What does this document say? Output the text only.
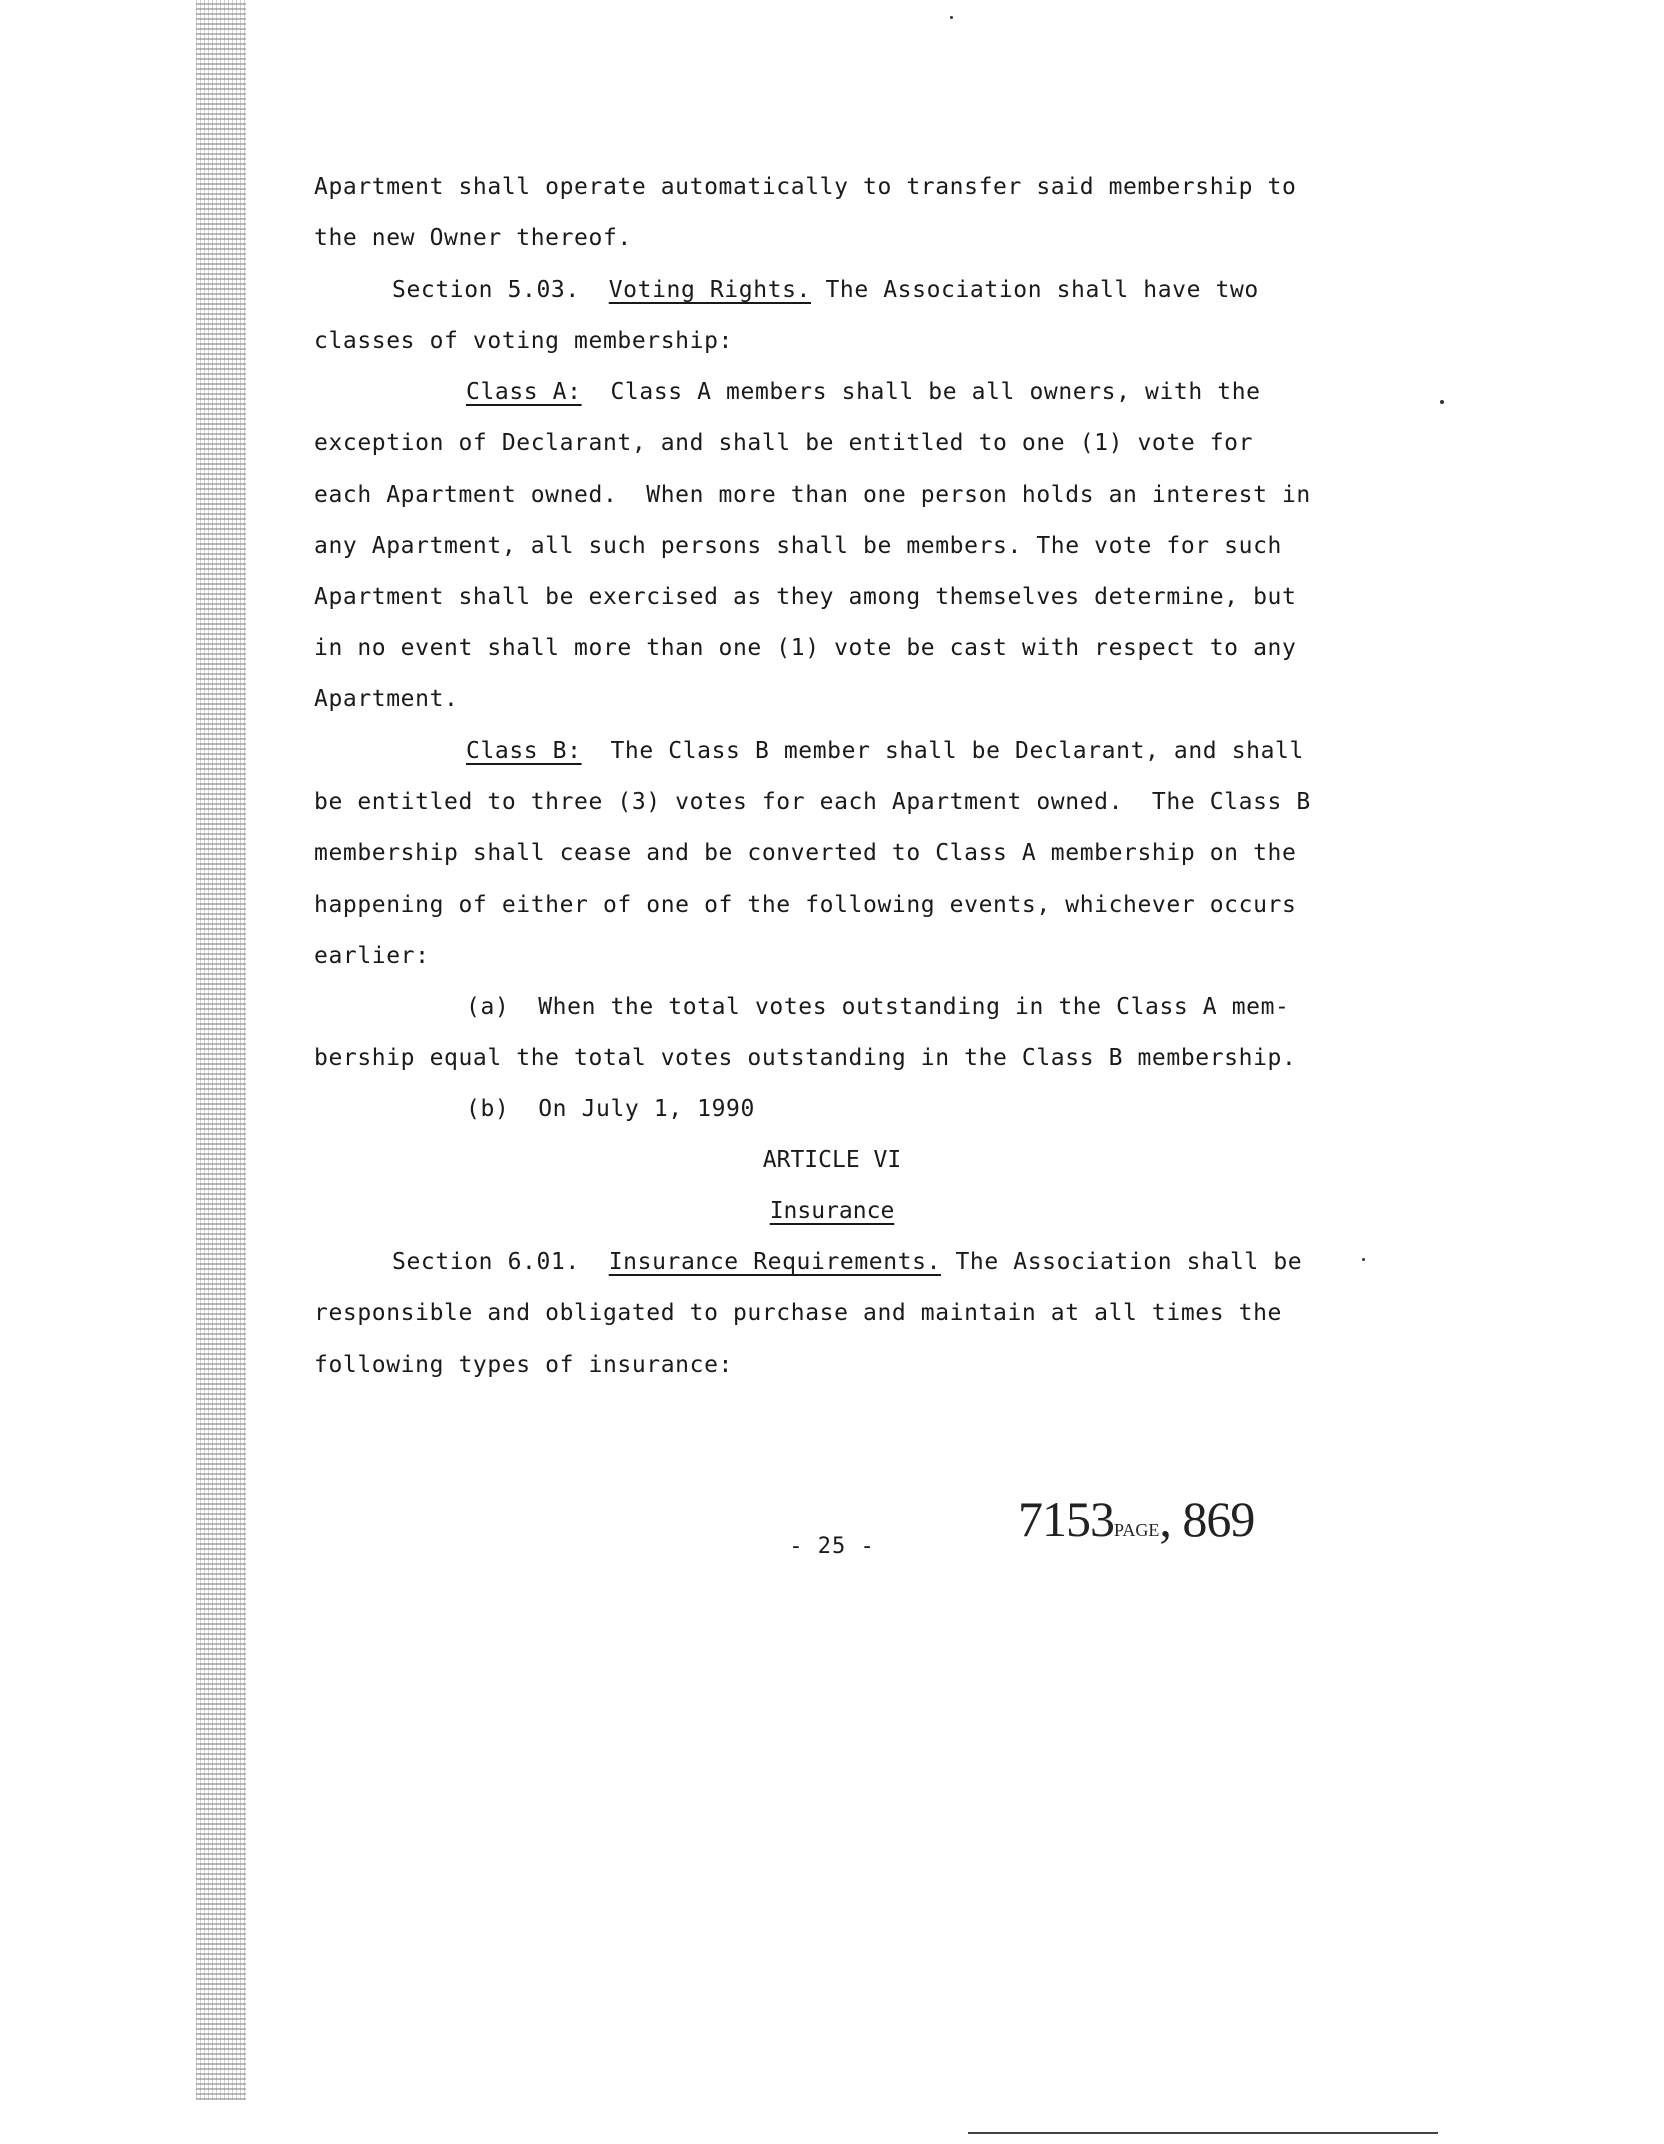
Apartment shall operate automatically to transfer said membership to
the new Owner thereof.
Section 5.03. Voting Rights. The Association shall have two
classes of voting membership:
Class A:  Class A members shall be all owners, with the
exception of Declarant, and shall be entitled to one (1) vote for
each Apartment owned.  When more than one person holds an interest in
any Apartment, all such persons shall be members. The vote for such
Apartment shall be exercised as they among themselves determine, but
in no event shall more than one (1) vote be cast with respect to any
Apartment.
Class B:  The Class B member shall be Declarant, and shall
be entitled to three (3) votes for each Apartment owned.  The Class B
membership shall cease and be converted to Class A membership on the
happening of either of one of the following events, whichever occurs
earlier:
(a)  When the total votes outstanding in the Class A mem-
bership equal the total votes outstanding in the Class B membership.
(b)  On July 1, 1990
ARTICLE VI
Insurance
Section 6.01. Insurance Requirements. The Association shall be
responsible and obligated to purchase and maintain at all times the
following types of insurance:
- 25 -	7153PAGE, 869
